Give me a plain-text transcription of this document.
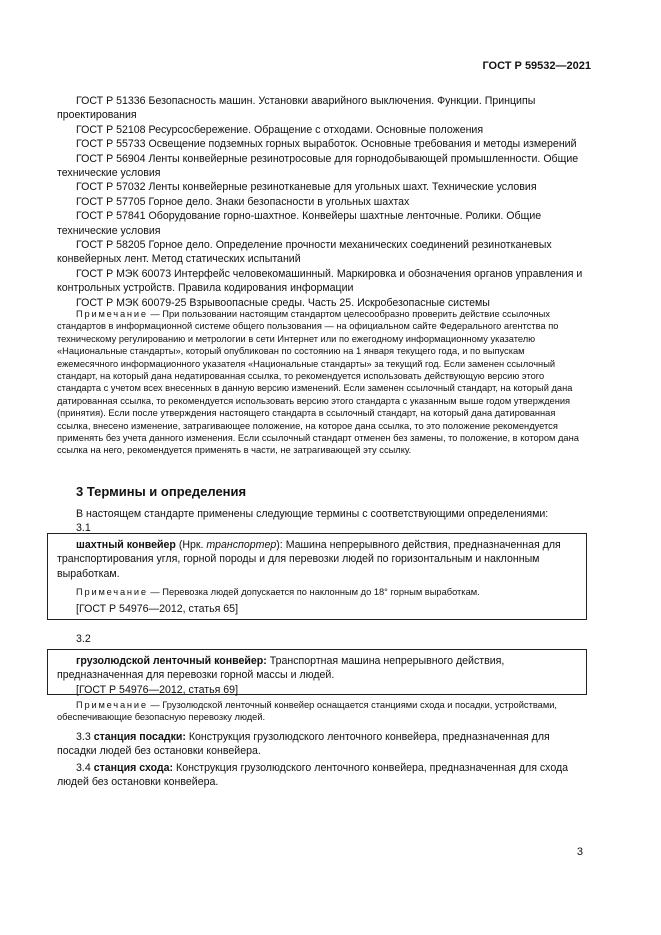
ГОСТ Р 59532—2021

ГОСТ Р 51336 Безопасность машин. Установки аварийного выключения. Функции. Принципы проектирования

ГОСТ Р 52108 Ресурсосбережение. Обращение с отходами. Основные положения

ГОСТ Р 55733 Освещение подземных горных выработок. Основные требования и методы измерений

ГОСТ Р 56904 Ленты конвейерные резинотросовые для горнодобывающей промышленности. Общие технические условия

ГОСТ Р 57032 Ленты конвейерные резинотканевые для угольных шахт. Технические условия

ГОСТ Р 57705 Горное дело. Знаки безопасности в угольных шахтах

ГОСТ Р 57841 Оборудование горно-шахтное. Конвейеры шахтные ленточные. Ролики. Общие технические условия

ГОСТ Р 58205 Горное дело. Определение прочности механических соединений резинотканевых конвейерных лент. Метод статических испытаний

ГОСТ Р МЭК 60073 Интерфейс человекомашинный. Маркировка и обозначения органов управления и контрольных устройств. Правила кодирования информации

ГОСТ Р МЭК 60079-25 Взрывоопасные среды. Часть 25. Искробезопасные системы

Примечание — При пользовании настоящим стандартом целесообразно проверить действие ссылочных стандартов в информационной системе общего пользования — на официальном сайте Федерального агентства по техническому регулированию и метрологии в сети Интернет или по ежегодному информационному указателю «Национальные стандарты», который опубликован по состоянию на 1 января текущего года, и по выпускам ежемесячного информационного указателя «Национальные стандарты» за текущий год. Если заменен ссылочный стандарт, на который дана недатированная ссылка, то рекомендуется использовать действующую версию этого стандарта с учетом всех внесенных в данную версию изменений. Если заменен ссылочный стандарт, на который дана датированная ссылка, то рекомендуется использовать версию этого стандарта с указанным выше годом утверждения (принятия). Если после утверждения настоящего стандарта в ссылочный стандарт, на который дана датированная ссылка, внесено изменение, затрагивающее положение, на которое дана ссылка, то это положение рекомендуется применять без учета данного изменения. Если ссылочный стандарт отменен без замены, то положение, в котором дана ссылка на него, рекомендуется применять в части, не затрагивающей эту ссылку.

3 Термины и определения

В настоящем стандарте применены следующие термины с соответствующими определениями:

3.1

шахтный конвейер (Нрк. транспортер): Машина непрерывного действия, предназначенная для транспортирования угля, горной породы и для перевозки людей по горизонтальным и наклонным выработкам.

Примечание — Перевозка людей допускается по наклонным до 18° горным выработкам.

[ГОСТ Р 54976—2012, статья 65]

3.2

грузолюдской ленточный конвейер: Транспортная машина непрерывного действия, предназначенная для перевозки горной массы и людей.

[ГОСТ Р 54976—2012, статья 69]

Примечание — Грузолюдской ленточный конвейер оснащается станциями схода и посадки, устройствами, обеспечивающие безопасную перевозку людей.

3.3 станция посадки: Конструкция грузолюдского ленточного конвейера, предназначенная для посадки людей без остановки конвейера.

3.4 станция схода: Конструкция грузолюдского ленточного конвейера, предназначенная для схода людей без остановки конвейера.

3
